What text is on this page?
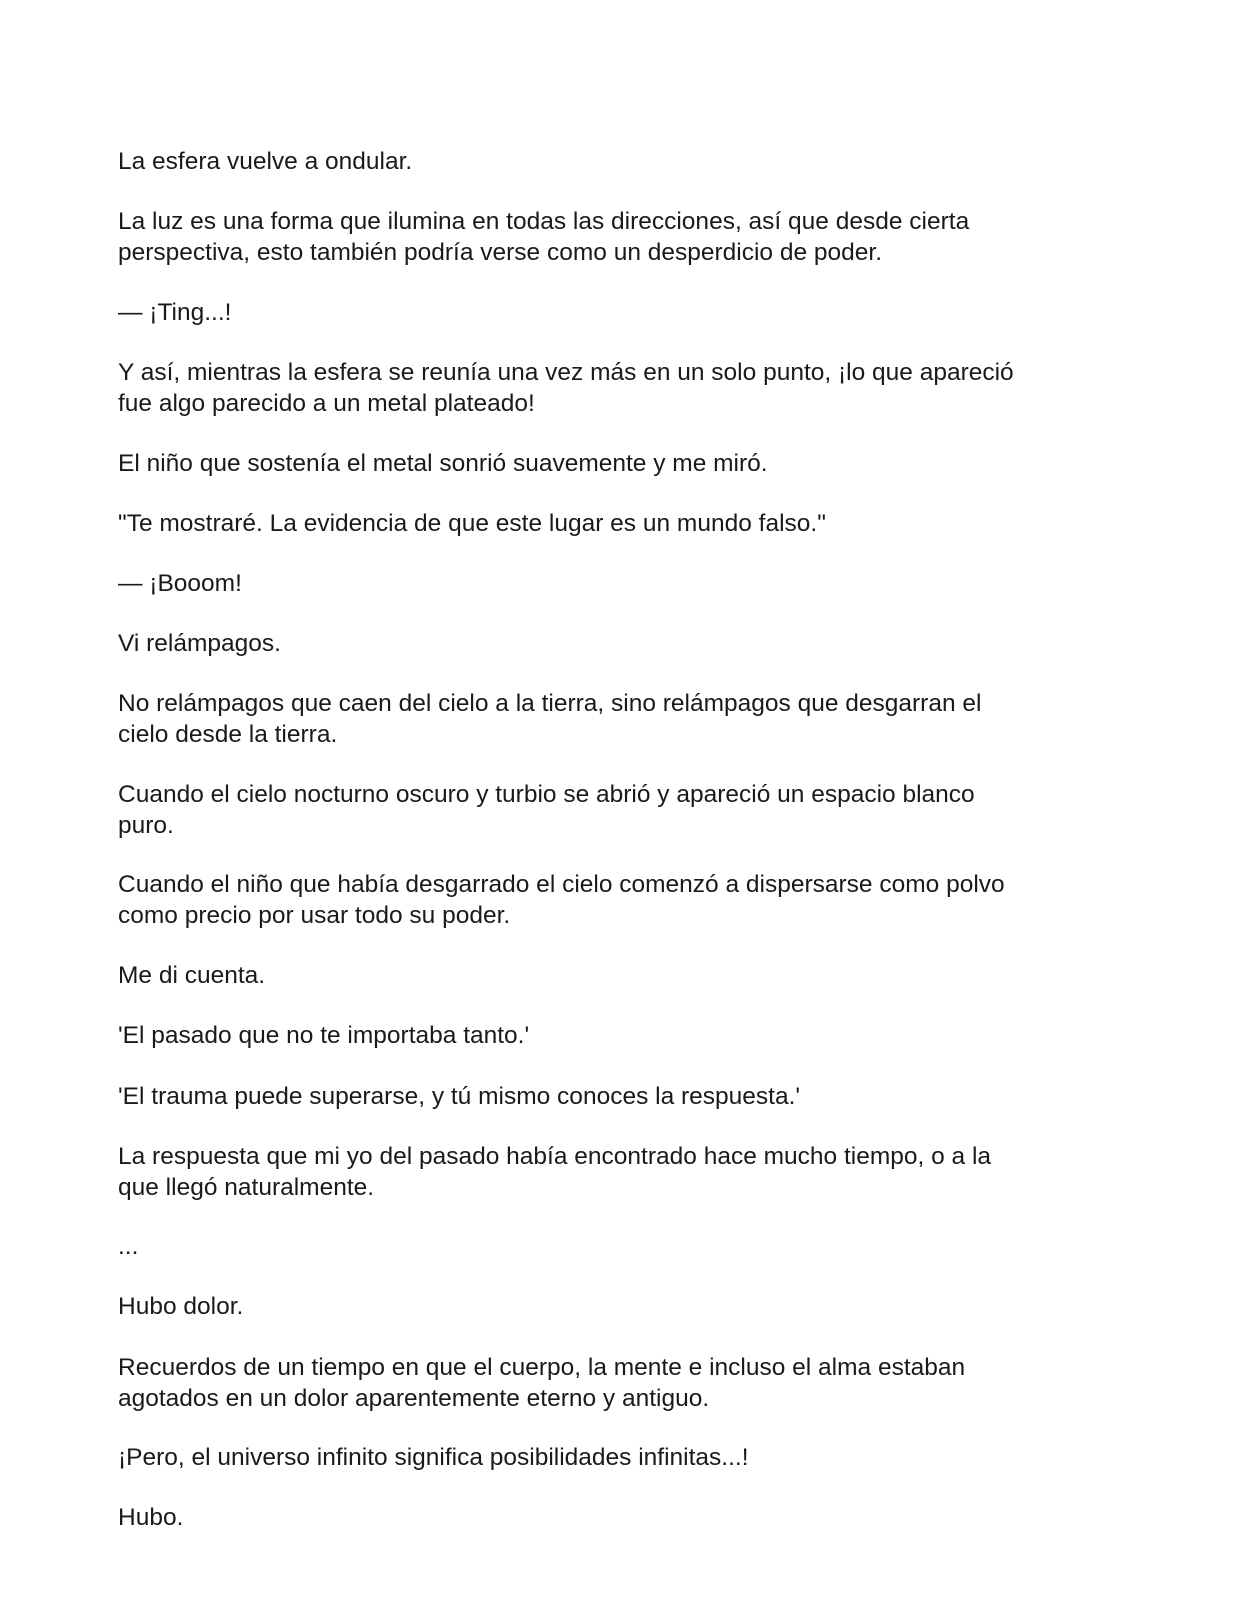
La esfera vuelve a ondular.

La luz es una forma que ilumina en todas las direcciones, así que desde cierta
perspectiva, esto también podría verse como un desperdicio de poder.

— ¡Ting...!

Y así, mientras la esfera se reunía una vez más en un solo punto, ¡lo que apareció
fue algo parecido a un metal plateado!

El niño que sostenía el metal sonrió suavemente y me miró.

"Te mostraré. La evidencia de que este lugar es un mundo falso."

— ¡Booom!

Vi relámpagos.

No relámpagos que caen del cielo a la tierra, sino relámpagos que desgarran el
cielo desde la tierra.

Cuando el cielo nocturno oscuro y turbio se abrió y apareció un espacio blanco
puro.

Cuando el niño que había desgarrado el cielo comenzó a dispersarse como polvo
como precio por usar todo su poder.

Me di cuenta.

'El pasado que no te importaba tanto.'

'El trauma puede superarse, y tú mismo conoces la respuesta.'

La respuesta que mi yo del pasado había encontrado hace mucho tiempo, o a la
que llegó naturalmente.

...

Hubo dolor.

Recuerdos de un tiempo en que el cuerpo, la mente e incluso el alma estaban
agotados en un dolor aparentemente eterno y antiguo.

¡Pero, el universo infinito significa posibilidades infinitas...!

Hubo.
